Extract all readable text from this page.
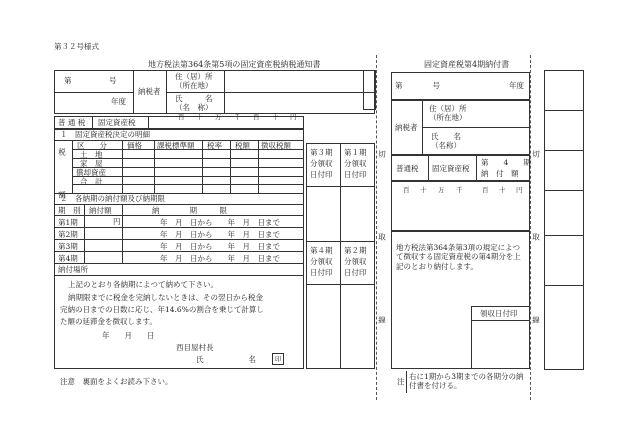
第３２号様式
地方税法第364条第5項の固定資産税納税通知書
第　　　　　号
年度
納税者
住（居）所
（所在地）
氏　　　名
（名　称）
普 通 税 固定資産税
百 十 万 千 百 十 円
１　固定資産税決定の明細
税　額
区　　分	価格 課税標準額 税率 税額 徴収税額
土　地
家　屋
償却資産
合　計
２　各納期の納付額及び納期限
期　別 納付額	納　　　　期　　　限
円
第1期	年　月　日から　　年　月　日まで
第2期	年　月　日から　　年　月　日まで
第3期	年　月　日から　　年　月　日まで
第4期	年　月　日から　　年　月　日まで
納付場所
上記のとおり各納期によつて納めて下さい。
納期限までに税金を完納しないときは、その翌日から税金
完納の日までの日数に応じ、年14.6%の割合を乗じて計算し
た額の延滞金を徴収します。
年　　月　　日
西目屋村長
氏　　　　　　名	印
第３期
分領収
日付印
第１期
分領収
日付印
第４期
分領収
日付印
第２期
分領収
日付印
注意　裏面をよくお読み下さい。
切　取　線	切　取　線
固定資産税第4期納付書
第　　　　号	年度
納税者
住（居）所
（所在地）
氏　　名
（名称）
普通税 固定資産税
第　　4　　期
納　付　額
百 十 万 千	百 十 円
地方税法第364条第3項の規定によつて徴収する固定資産税の第4期分を上記のとおり納付します。
領収日付印
注
右に1期から3期までの各期分の納付書を付ける。
